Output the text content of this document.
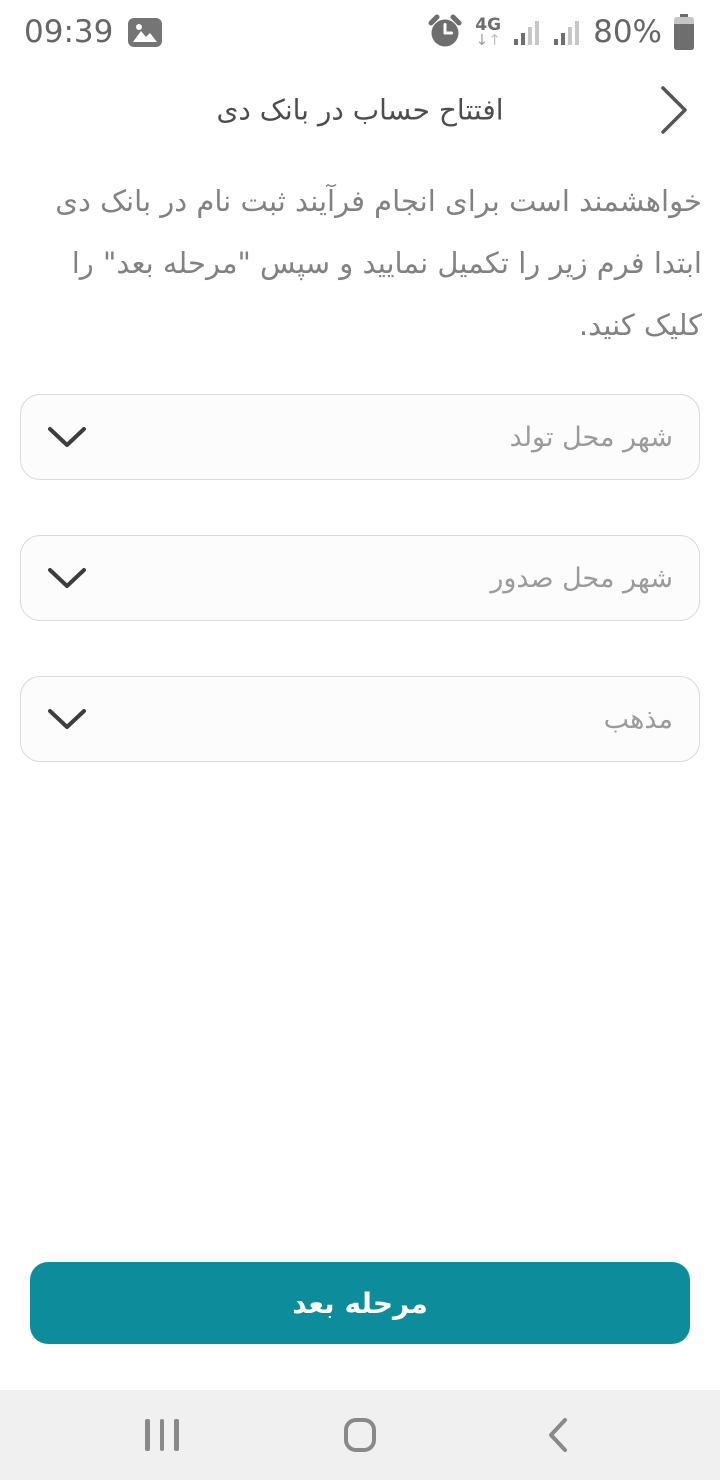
09:39	4G
↓↑	80%
افتتاح حساب در بانک دی
خواهشمند است برای انجام فرآیند ثبت نام در بانک دی ابتدا فرم زیر را تکمیل نمایید و سپس "مرحله بعد" را کلیک کنید.
شهر محل تولد
شهر محل صدور
مذهب
مرحله بعد
